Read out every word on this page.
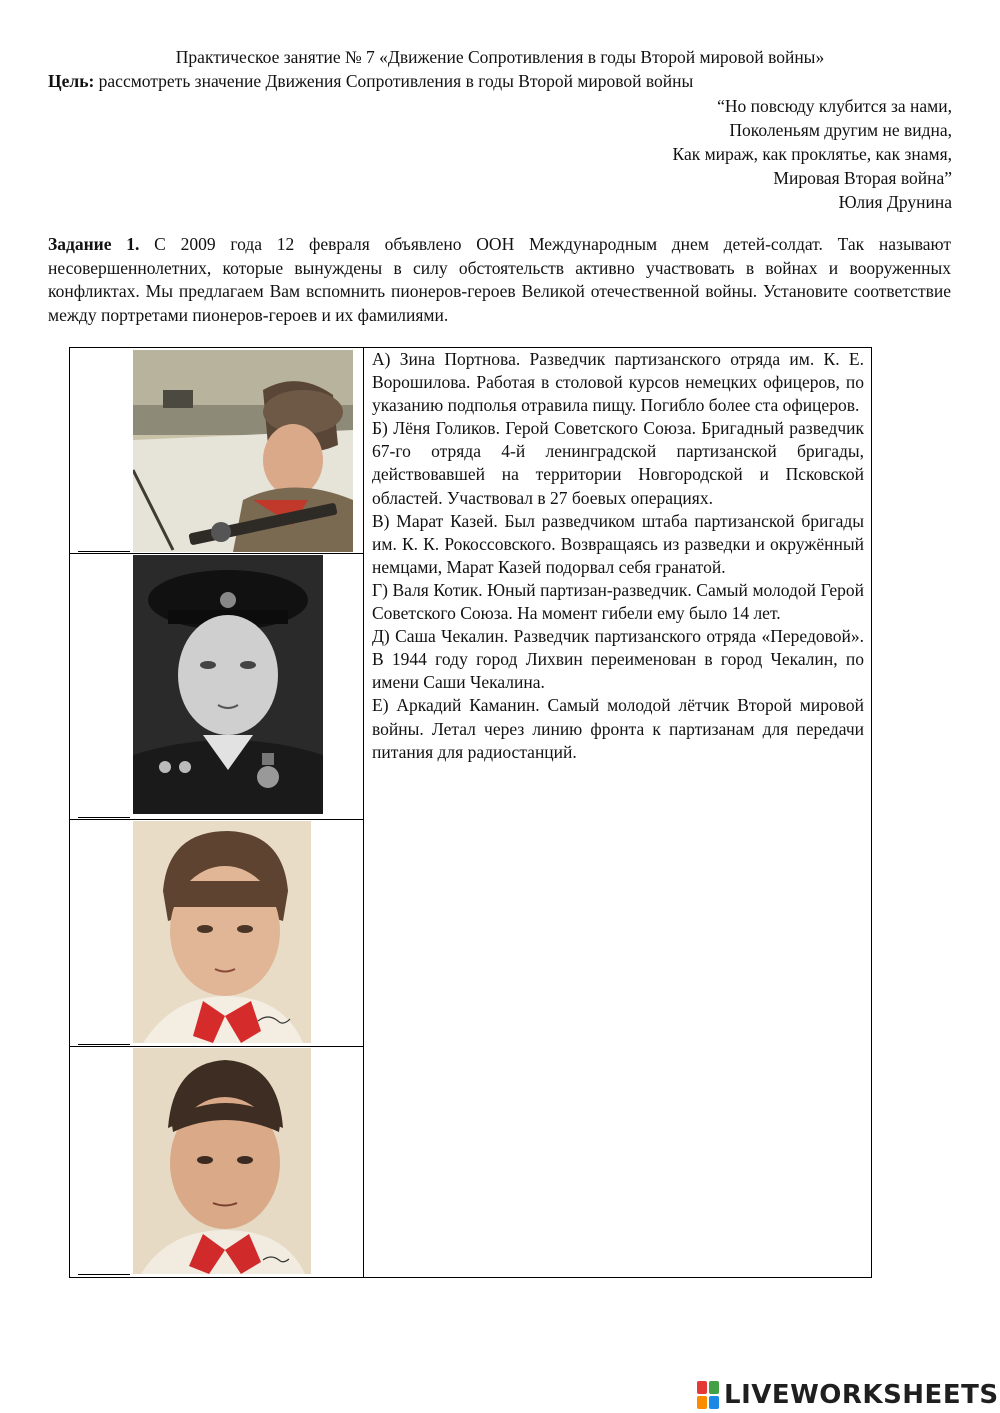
Практическое занятие № 7 «Движение Сопротивления в годы Второй мировой войны»
Цель: рассмотреть значение Движения Сопротивления в годы Второй мировой войны
“Но повсюду клубится за нами,
Поколеньям другим не видна,
Как мираж, как проклятье, как знамя,
Мировая Вторая война”
Юлия Друнина
Задание 1. С 2009 года 12 февраля объявлено ООН Международным днем детей-солдат. Так называют несовершеннолетних, которые вынуждены в силу обстоятельств активно участвовать в войнах и вооруженных конфликтах. Мы предлагаем Вам вспомнить пионеров-героев Великой отечественной войны. Установите соответствие между портретами пионеров-героев и их фамилиями.

А) Зина Портнова. Разведчик партизанского отряда им. К. Е. Ворошилова. Работая в столовой курсов немецких офицеров, по указанию подполья отравила пищу. Погибло более ста офицеров.

Б) Лёня Голиков. Герой Советского Союза. Бригадный разведчик 67-го отряда 4-й ленинградской партизанской бригады, действовавшей на территории Новгородской и Псковской областей. Участвовал в 27 боевых операциях.

В) Марат Казей. Был разведчиком штаба партизанской бригады им. К. К. Рокоссовского. Возвращаясь из разведки и окружённый немцами, Марат Казей подорвал себя гранатой.

Г) Валя Котик. Юный партизан-разведчик. Самый молодой Герой Советского Союза. На момент гибели ему было 14 лет.

Д) Саша Чекалин. Разведчик партизанского отряда «Передовой». В 1944 году город Лихвин переименован в город Чекалин, по имени Саши Чекалина.

Е) Аркадий Каманин. Самый молодой лётчик Второй мировой войны. Летал через линию фронта к партизанам для передачи питания для радиостанций.

LIVEWORKSHEETS
